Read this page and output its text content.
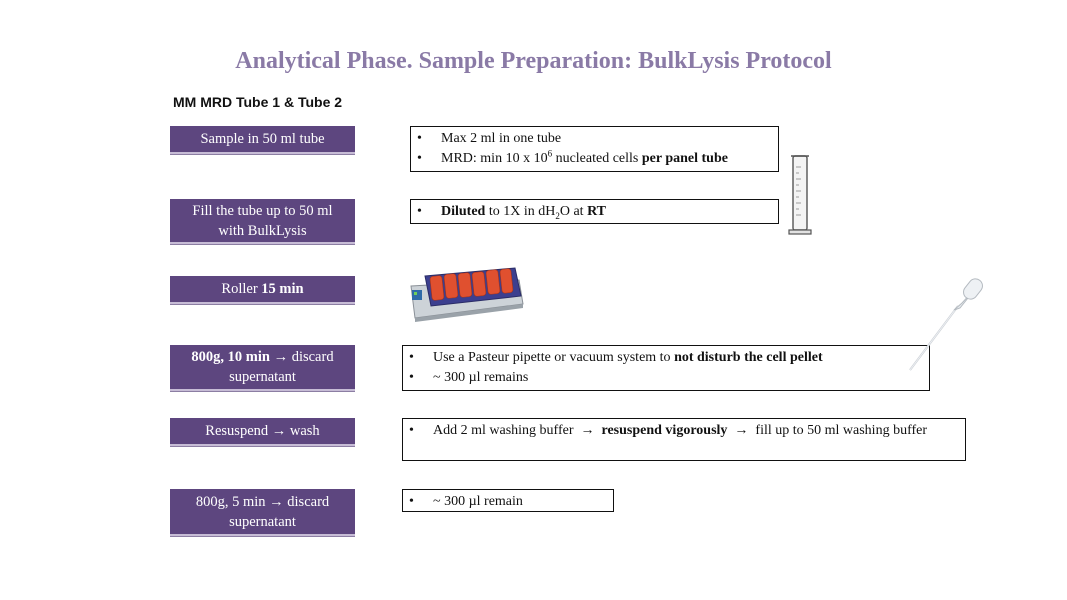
Analytical Phase. Sample Preparation: BulkLysis Protocol
MM MRD Tube 1 & Tube 2
Sample in 50 ml tube
Fill the tube up to 50 ml
with BulkLysis
Roller 15 min
800g, 10 min → discard
supernatant
Resuspend → wash
800g, 5 min → discard
supernatant
• Max 2 ml in one tube
• MRD: min 10 x $10^6$ nucleated cells per panel tube
• Diluted to 1X in $dH_2O$ at RT
• Use a Pasteur pipette or vacuum system to not disturb the cell pellet
• ~ 300 µl remains
• Add 2 ml washing buffer  →  resuspend vigorously  →  fill up to 50 ml washing buffer
• ~ 300 µl remain
